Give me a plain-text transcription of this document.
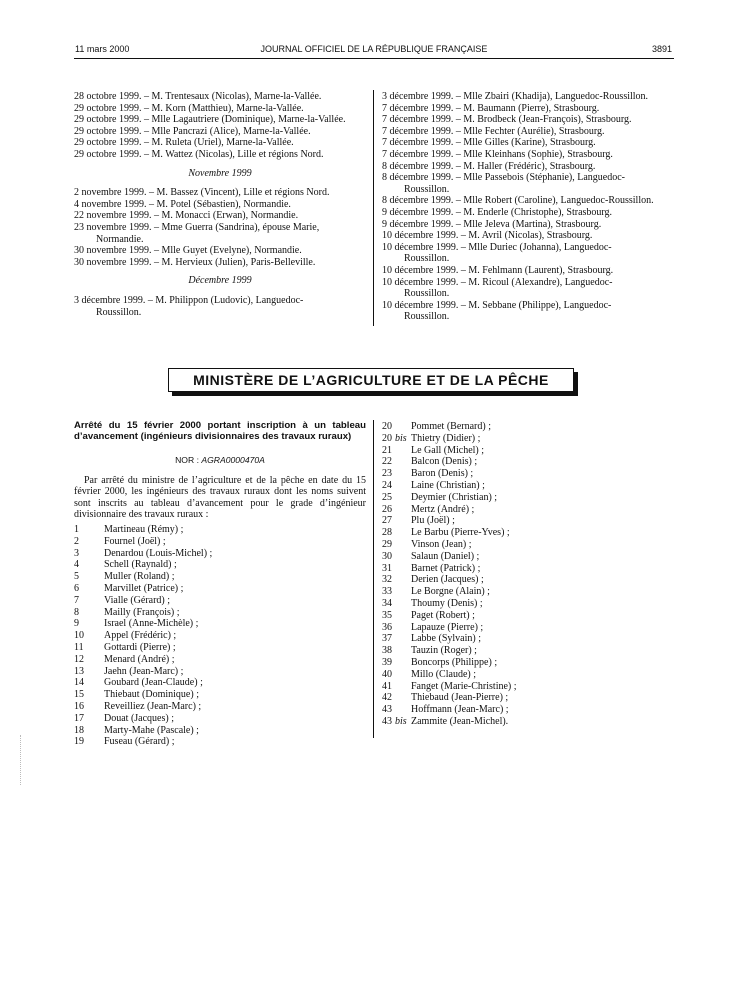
11 mars 2000	JOURNAL OFFICIEL DE LA RÉPUBLIQUE FRANÇAISE	3891
28 octobre 1999. – M. Trentesaux (Nicolas), Marne-la-Vallée.
29 octobre 1999. – M. Korn (Matthieu), Marne-la-Vallée.
29 octobre 1999. – Mlle Lagautriere (Dominique), Marne-la-Vallée.
29 octobre 1999. – Mlle Pancrazi (Alice), Marne-la-Vallée.
29 octobre 1999. – M. Ruleta (Uriel), Marne-la-Vallée.
29 octobre 1999. – M. Wattez (Nicolas), Lille et régions Nord.
Novembre 1999
2 novembre 1999. – M. Bassez (Vincent), Lille et régions Nord.
4 novembre 1999. – M. Potel (Sébastien), Normandie.
22 novembre 1999. – M. Monacci (Erwan), Normandie.
23 novembre 1999. – Mme Guerra (Sandrina), épouse Marie,
Normandie.
30 novembre 1999. – Mlle Guyet (Evelyne), Normandie.
30 novembre 1999. – M. Hervieux (Julien), Paris-Belleville.
Décembre 1999
3 décembre 1999. – M. Philippon (Ludovic), Languedoc-
Roussillon.
3 décembre 1999. – Mlle Zbairi (Khadija), Languedoc-Roussillon.
7 décembre 1999. – M. Baumann (Pierre), Strasbourg.
7 décembre 1999. – M. Brodbeck (Jean-François), Strasbourg.
7 décembre 1999. – Mlle Fechter (Aurélie), Strasbourg.
7 décembre 1999. – Mlle Gilles (Karine), Strasbourg.
7 décembre 1999. – Mlle Kleinhans (Sophie), Strasbourg.
8 décembre 1999. – M. Haller (Frédéric), Strasbourg.
8 décembre 1999. – Mlle Passebois (Stéphanie), Languedoc-
Roussillon.
8 décembre 1999. – Mlle Robert (Caroline), Languedoc-Roussillon.
9 décembre 1999. – M. Enderle (Christophe), Strasbourg.
9 décembre 1999. – Mlle Jeleva (Martina), Strasbourg.
10 décembre 1999. – M. Avril (Nicolas), Strasbourg.
10 décembre 1999. – Mlle Duriec (Johanna), Languedoc-
Roussillon.
10 décembre 1999. – M. Fehlmann (Laurent), Strasbourg.
10 décembre 1999. – M. Ricoul (Alexandre), Languedoc-
Roussillon.
10 décembre 1999. – M. Sebbane (Philippe), Languedoc-
Roussillon.
MINISTÈRE DE L’AGRICULTURE ET DE LA PÊCHE
Arrêté du 15 février 2000 portant inscription à un tableau d’avancement (ingénieurs divisionnaires des travaux ruraux)
NOR : AGRA0000470A
Par arrêté du ministre de l’agriculture et de la pêche en date du 15 février 2000, les ingénieurs des travaux ruraux dont les noms suivent sont inscrits au tableau d’avancement pour le grade d’ingénieur divisionnaire des travaux ruraux :
1	Martineau (Rémy) ;
2	Fournel (Joël) ;
3	Denardou (Louis-Michel) ;
4	Schell (Raynald) ;
5	Muller (Roland) ;
6	Marvillet (Patrice) ;
7	Vialle (Gérard) ;
8	Mailly (François) ;
9	Israel (Anne-Michèle) ;
10	Appel (Frédéric) ;
11	Gottardi (Pierre) ;
12	Menard (André) ;
13	Jaehn (Jean-Marc) ;
14	Goubard (Jean-Claude) ;
15	Thiebaut (Dominique) ;
16	Reveilliez (Jean-Marc) ;
17	Douat (Jacques) ;
18	Marty-Mahe (Pascale) ;
19	Fuseau (Gérard) ;
20	Pommet (Bernard) ;
20 bis Thietry (Didier) ;
21	Le Gall (Michel) ;
22	Balcon (Denis) ;
23	Baron (Denis) ;
24	Laine (Christian) ;
25	Deymier (Christian) ;
26	Mertz (André) ;
27	Plu (Joël) ;
28	Le Barbu (Pierre-Yves) ;
29	Vinson (Jean) ;
30	Salaun (Daniel) ;
31	Barnet (Patrick) ;
32	Derien (Jacques) ;
33	Le Borgne (Alain) ;
34	Thoumy (Denis) ;
35	Paget (Robert) ;
36	Lapauze (Pierre) ;
37	Labbe (Sylvain) ;
38	Tauzin (Roger) ;
39	Boncorps (Philippe) ;
40	Millo (Claude) ;
41	Fanget (Marie-Christine) ;
42	Thiebaud (Jean-Pierre) ;
43	Hoffmann (Jean-Marc) ;
43 bis Zammite (Jean-Michel).
